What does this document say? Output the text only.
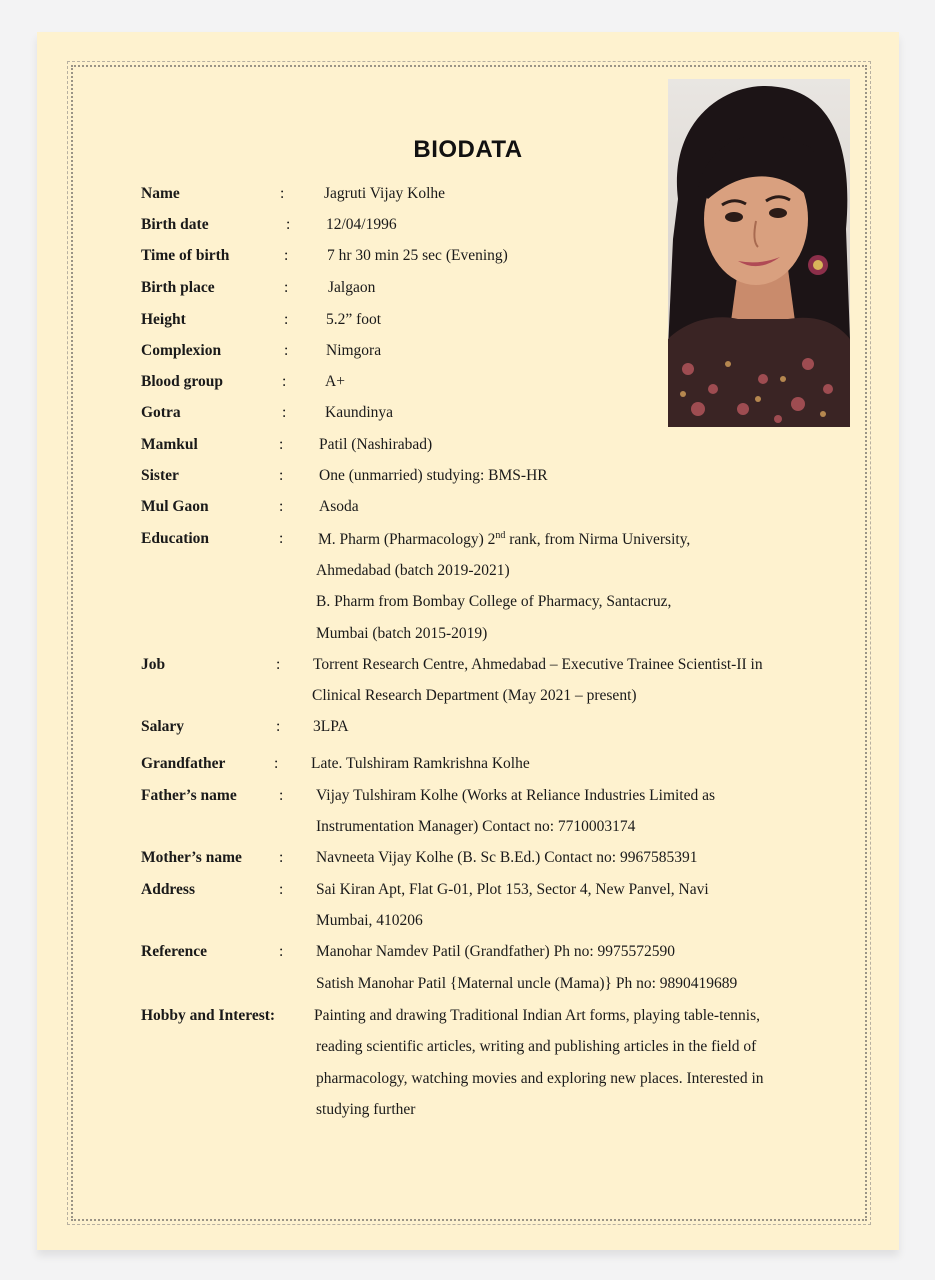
BIODATA
Name	:	Jagruti Vijay Kolhe
Birth date	: 12/04/1996
Time of birth	: 7 hr 30 min 25 sec (Evening)
Birth place	:	Jalgaon
Height	: 5.2” foot
Complexion	: Nimgora
Blood group	: A+
Gotra	: Kaundinya
Mamkul	: Patil (Nashirabad)
Sister	: One (unmarried) studying: BMS-HR
Mul Gaon	: Asoda
Education	: M. Pharm (Pharmacology) 2nd rank, from Nirma University,
Ahmedabad (batch 2019-2021)
B. Pharm from Bombay College of Pharmacy, Santacruz,
Mumbai (batch 2015-2019)
Job	: Torrent Research Centre, Ahmedabad – Executive Trainee Scientist-II in
Clinical Research Department (May 2021 – present)
Salary	: 3LPA
Grandfather	: Late. Tulshiram Ramkrishna Kolhe
Father’s name	: Vijay Tulshiram Kolhe (Works at Reliance Industries Limited as
Instrumentation Manager) Contact no: 7710003174
Mother’s name : Navneeta Vijay Kolhe (B. Sc B.Ed.) Contact no: 9967585391
Address	: Sai Kiran Apt, Flat G-01, Plot 153, Sector 4, New Panvel, Navi
Mumbai, 410206
Reference	: Manohar Namdev Patil (Grandfather) Ph no: 9975572590
Satish Manohar Patil {Maternal uncle (Mama)} Ph no: 9890419689
Hobby and Interest:	Painting and drawing Traditional Indian Art forms, playing table-tennis,
reading scientific articles, writing and publishing articles in the field of
pharmacology, watching movies and exploring new places. Interested in
studying further
